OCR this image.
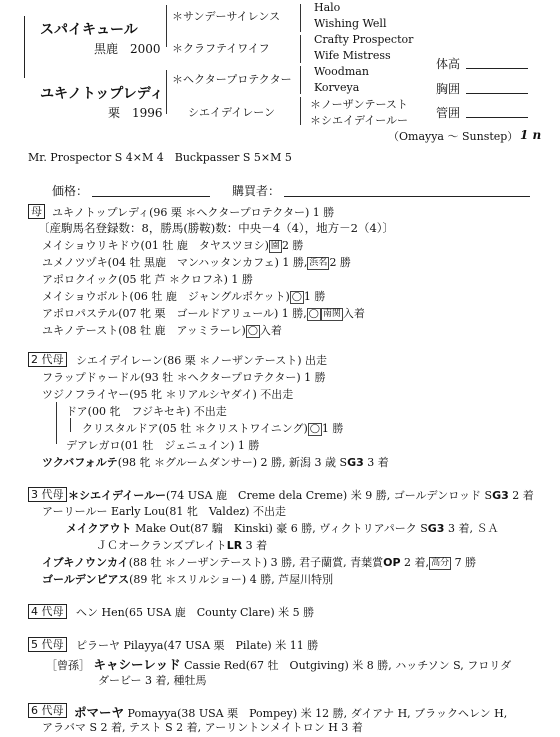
スパイキュール
黒鹿　2000
ユキノトップレディ
栗　1996
＊サンデーサイレンス
＊クラフテイワイフ
＊ヘクタープロテクター
シエイデイレーン
Halo
Wishing Well
Crafty Prospector
Wife Mistress
Woodman
Korveya
＊ノーザンテースト
＊シエイデイールー
体高
胸囲
管囲
（Omayya ～ Sunstep） 1 n
Mr. Prospector S 4×M 4　Buckpasser S 5×M 5
価格：	購買者：
母 ユキノトップレディ(96 栗 ＊ヘクタープロテクター) 1 勝
〔産駒馬名登録数：8，勝馬(勝鞍)数：中央－4（4），地方－2（4）〕
メイショウリキドウ(01 牡 鹿　タヤスツヨシ) 園 2 勝
ユメノツヅキ(04 牡 黒鹿　マンハッタンカフェ) 1 勝, 浜名 2 勝
アポロクイック(05 牝 芦 ＊クロフネ) 1 勝
メイショウボルト(06 牡 鹿　ジャングルポケット) ◯ 1 勝
アポロパステル(07 牝 栗　ゴールドアリュール) 1 勝, ◯ 南関 入着
ユキノテースト(08 牡 鹿　アッミラーレ) ◯ 入着
2 代母 シエイデイレーン(86 栗 ＊ノーザンテースト) 出走
フラップドゥードル(93 牡 ＊ヘクタープロテクター) 1 勝
ツジノフライヤー(95 牝 ＊リアルシヤダイ) 不出走
ドア(00 牝　フジキセキ) 不出走
クリスタルドア(05 牡 ＊クリストワイニング) ◯ 1 勝
デアレガロ(01 牡　ジェニュイン) 1 勝
ツクバフォルテ(98 牝 ＊グルームダンサー) 2 勝, 新潟 3 歳 SG3 3 着
3 代母 ＊シエイデイールー(74 USA 鹿　Creme dela Creme) 米 9 勝, ゴールデンロッド SG3 2 着
アーリールー Early Lou(81 牝　Valdez) 不出走
メイクアウト Make Out(87 騸　Kinski) 豪 6 勝, ヴィクトリアパーク SG3 3 着, ＳＡ
ＪＣオークランズプレイトLR 3 着
イブキノウンカイ(88 牡 ＊ノーザンテースト) 3 勝, 君子蘭賞, 青葉賞OP 2 着, 高分 7 勝
ゴールデンピアス(89 牝 ＊スリルショー) 4 勝, 芦屋川特別
4 代母 ヘン Hen(65 USA 鹿　County Clare) 米 5 勝
5 代母 ピラーヤ Pilayya(47 USA 栗　Pilate) 米 11 勝
［曾孫］ キャシーレッド Cassie Red(67 牡　Outgiving) 米 8 勝, ハッチソン S, フロリダ
ダービー 3 着, 種牡馬
6 代母 ポマーヤ Pomayya(38 USA 栗　Pompey) 米 12 勝, ダイアナ H, ブラックヘレン H,
アラバマ S 2 着, テスト S 2 着, アーリントンメイトロン H 3 着
